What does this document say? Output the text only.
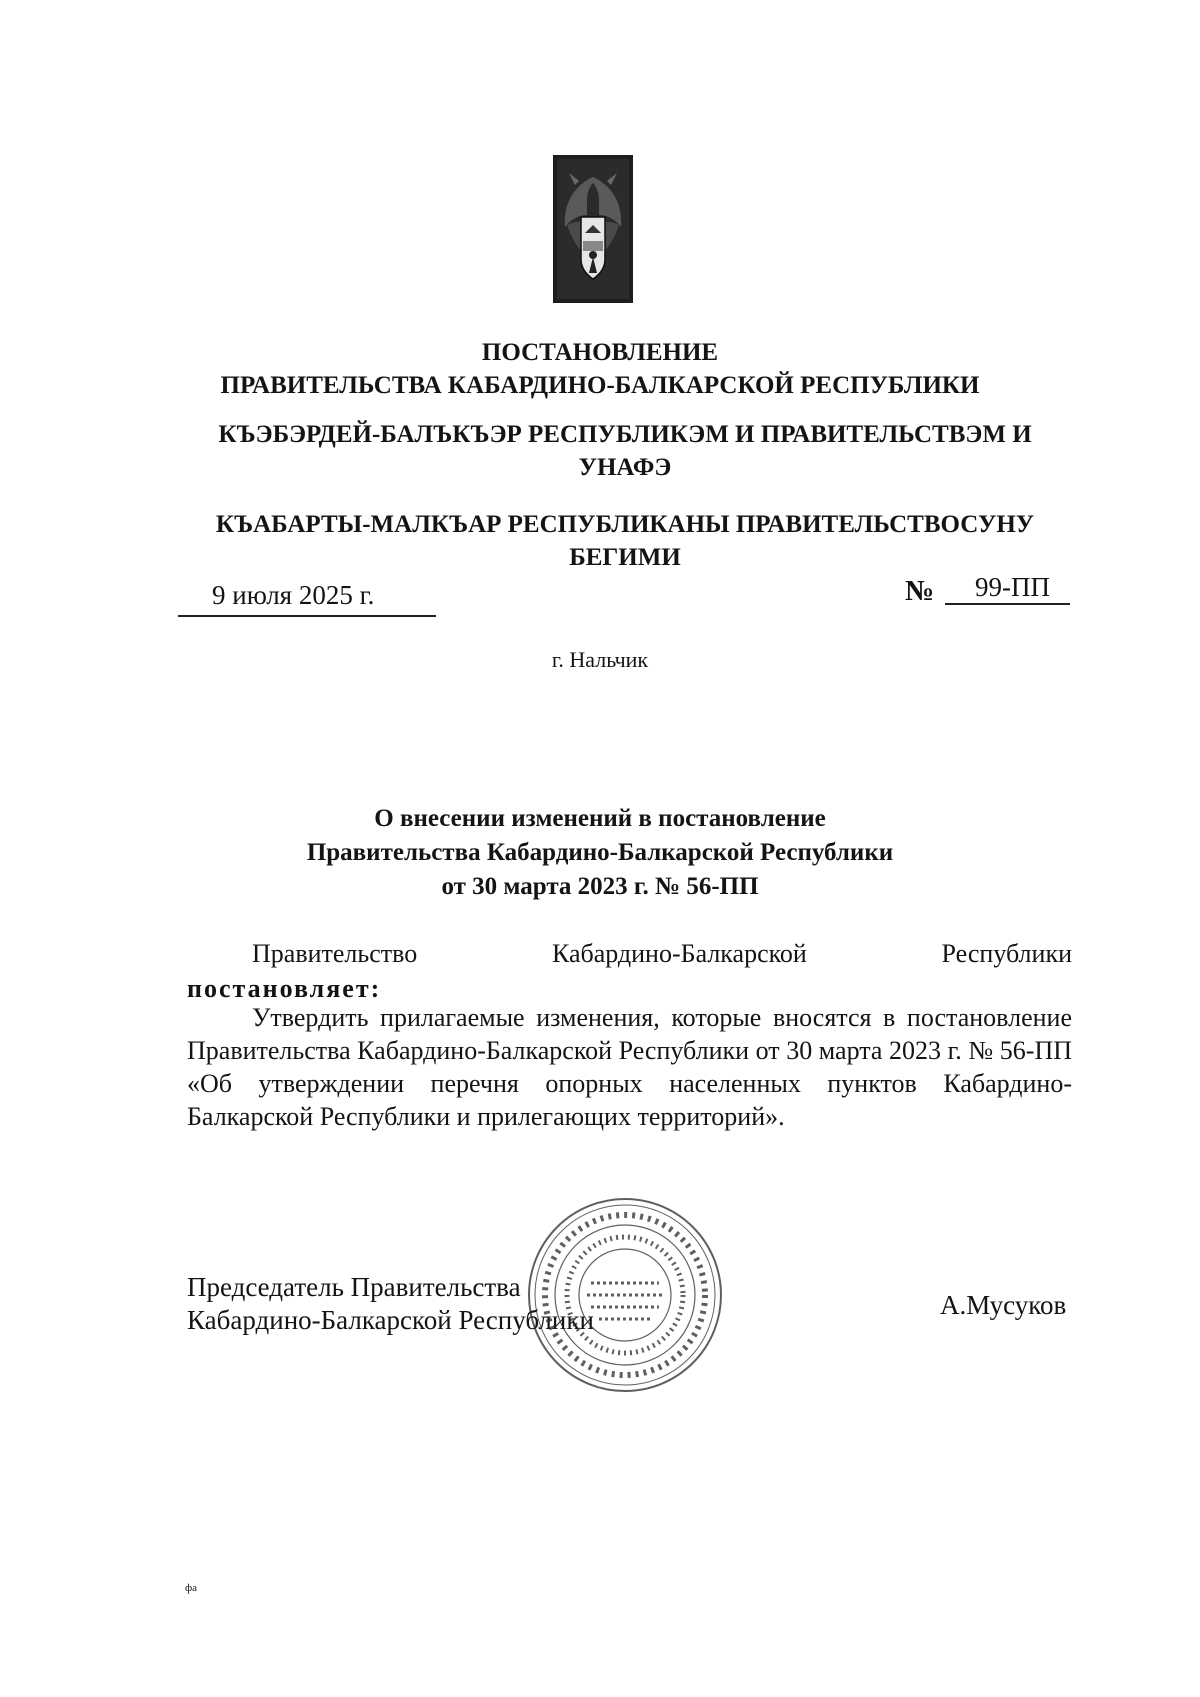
ПОСТАНОВЛЕНИЕ
ПРАВИТЕЛЬСТВА КАБАРДИНО-БАЛКАРСКОЙ РЕСПУБЛИКИ
КЪЭБЭРДЕЙ-БАЛЪКЪЭР РЕСПУБЛИКЭМ И ПРАВИТЕЛЬСТВЭМ И УНАФЭ
КЪАБАРТЫ-МАЛКЪАР РЕСПУБЛИКАНЫ ПРАВИТЕЛЬСТВОСУНУ БЕГИМИ
9 июля 2025 г.	№ 99-ПП
г. Нальчик
О внесении изменений в постановление
Правительства Кабардино-Балкарской Республики
от 30 марта 2023 г. № 56-ПП
Правительство Кабардино-Балкарской Республики
постановляет:
Утвердить прилагаемые изменения, которые вносятся в постановление Правительства Кабардино-Балкарской Республики от 30 марта 2023 г. № 56-ПП «Об утверждении перечня опорных населенных пунктов Кабардино-Балкарской Республики и прилегающих территорий».
Председатель Правительства
Кабардино-Балкарской Республики	А.Мусуков
фа
